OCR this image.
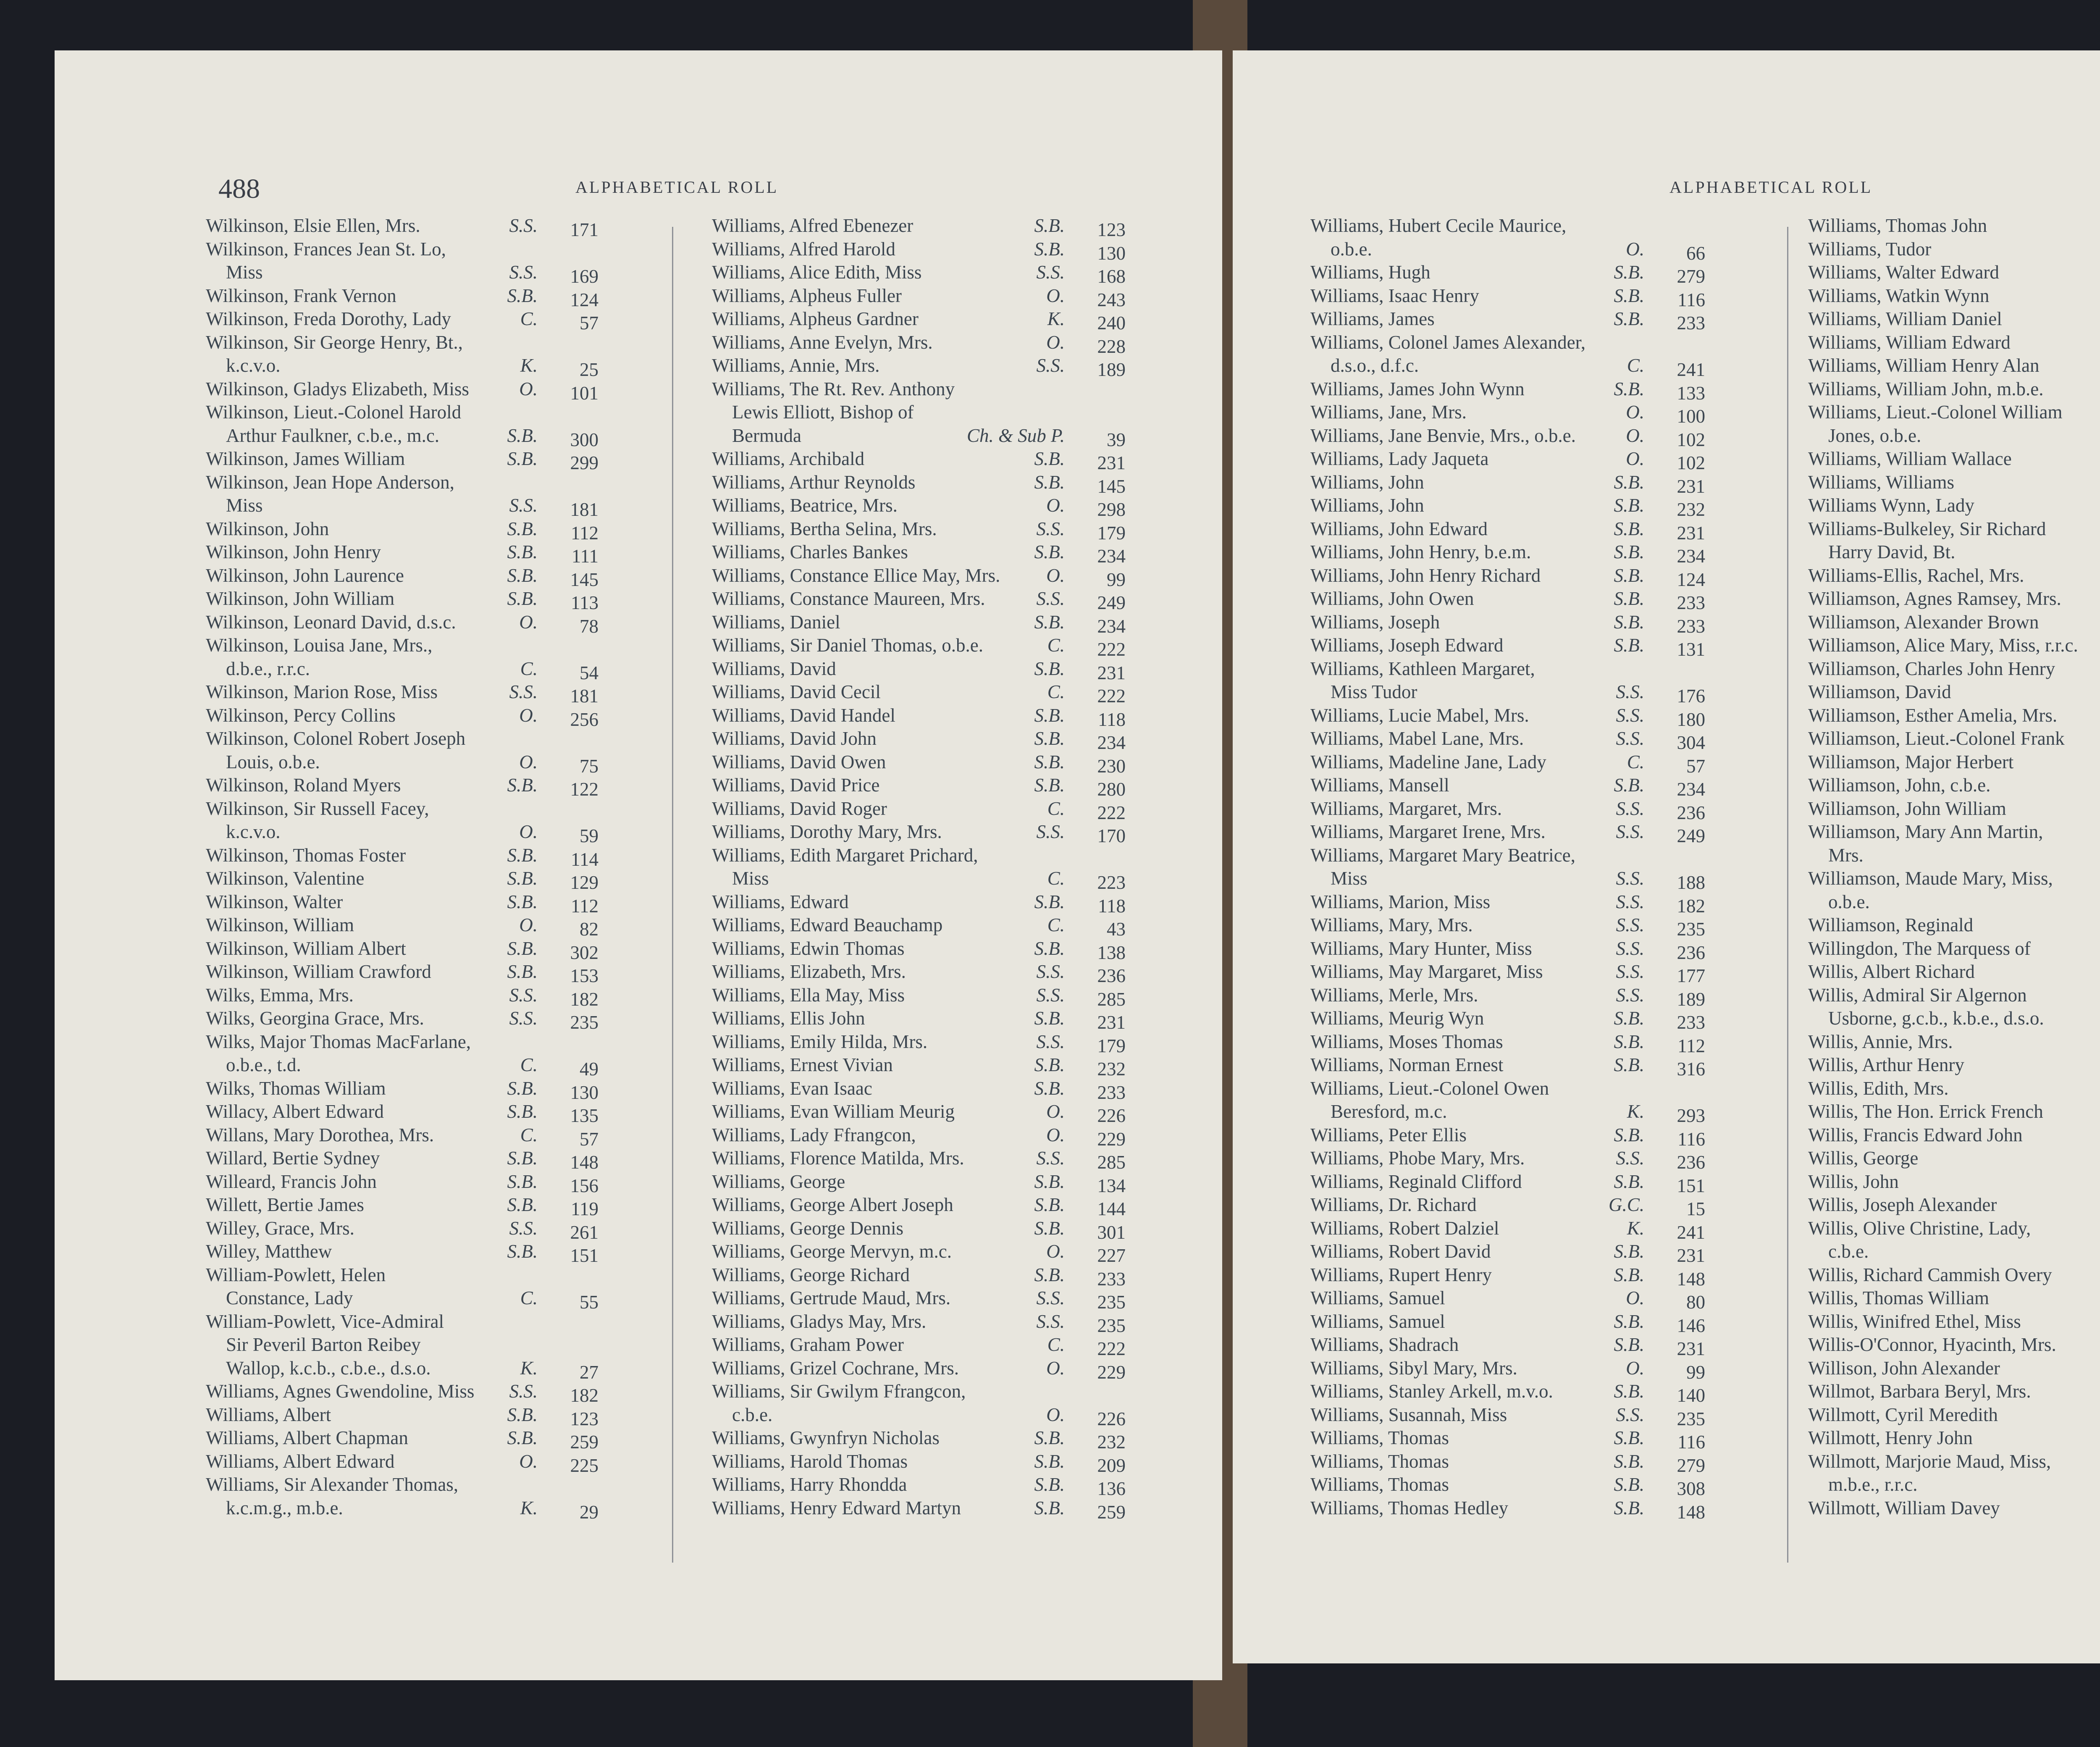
488	ALPHABETICAL ROLL
Wilkinson, Elsie Ellen, Mrs.	S.S. 171
Wilkinson, Frances Jean St. Lo,
Miss	S.S. 169
Wilkinson, Frank Vernon	S.B. 124
Wilkinson, Freda Dorothy, Lady	C. 57
Wilkinson, Sir George Henry, Bt.,
k.c.v.o.	K. 25
Wilkinson, Gladys Elizabeth, Miss	O. 101
Wilkinson, Lieut.-Colonel Harold
Arthur Faulkner, c.b.e., m.c.	S.B. 300
Wilkinson, James William	S.B. 299
Wilkinson, Jean Hope Anderson,
Miss	S.S. 181
Wilkinson, John	S.B. 112
Wilkinson, John Henry	S.B. 111
Wilkinson, John Laurence	S.B. 145
Wilkinson, John William	S.B. 113
Wilkinson, Leonard David, d.s.c.	O. 78
Wilkinson, Louisa Jane, Mrs.,
d.b.e., r.r.c.	C. 54
Wilkinson, Marion Rose, Miss	S.S. 181
Wilkinson, Percy Collins	O. 256
Wilkinson, Colonel Robert Joseph
Louis, o.b.e.	O. 75
Wilkinson, Roland Myers	S.B. 122
Wilkinson, Sir Russell Facey,
k.c.v.o.	O. 59
Wilkinson, Thomas Foster	S.B. 114
Wilkinson, Valentine	S.B. 129
Wilkinson, Walter	S.B. 112
Wilkinson, William	O. 82
Wilkinson, William Albert	S.B. 302
Wilkinson, William Crawford	S.B. 153
Wilks, Emma, Mrs.	S.S. 182
Wilks, Georgina Grace, Mrs.	S.S. 235
Wilks, Major Thomas MacFarlane,
o.b.e., t.d.	C. 49
Wilks, Thomas William	S.B. 130
Willacy, Albert Edward	S.B. 135
Willans, Mary Dorothea, Mrs.	C. 57
Willard, Bertie Sydney	S.B. 148
Willeard, Francis John	S.B. 156
Willett, Bertie James	S.B. 119
Willey, Grace, Mrs.	S.S. 261
Willey, Matthew	S.B. 151
William-Powlett, Helen
Constance, Lady	C. 55
William-Powlett, Vice-Admiral
Sir Peveril Barton Reibey
Wallop, k.c.b., c.b.e., d.s.o.	K. 27
Williams, Agnes Gwendoline, Miss S.S. 182
Williams, Albert	S.B. 123
Williams, Albert Chapman	S.B. 259
Williams, Albert Edward	O. 225
Williams, Sir Alexander Thomas,
k.c.m.g., m.b.e.	K. 29
Williams, Alfred Ebenezer	S.B. 123
Williams, Alfred Harold	S.B. 130
Williams, Alice Edith, Miss	S.S. 168
Williams, Alpheus Fuller	O. 243
Williams, Alpheus Gardner	K. 240
Williams, Anne Evelyn, Mrs.	O. 228
Williams, Annie, Mrs.	S.S. 189
Williams, The Rt. Rev. Anthony
Lewis Elliott, Bishop of
Bermuda	Ch. & Sub P. 39
Williams, Archibald	S.B. 231
Williams, Arthur Reynolds	S.B. 145
Williams, Beatrice, Mrs.	O. 298
Williams, Bertha Selina, Mrs.	S.S. 179
Williams, Charles Bankes	S.B. 234
Williams, Constance Ellice May, Mrs. O. 99
Williams, Constance Maureen, Mrs.	S.S. 249
Williams, Daniel	S.B. 234
Williams, Sir Daniel Thomas, o.b.e.	C. 222
Williams, David	S.B. 231
Williams, David Cecil	C. 222
Williams, David Handel	S.B. 118
Williams, David John	S.B. 234
Williams, David Owen	S.B. 230
Williams, David Price	S.B. 280
Williams, David Roger	C. 222
Williams, Dorothy Mary, Mrs.	S.S. 170
Williams, Edith Margaret Prichard,
Miss	C. 223
Williams, Edward	S.B. 118
Williams, Edward Beauchamp	C. 43
Williams, Edwin Thomas	S.B. 138
Williams, Elizabeth, Mrs.	S.S. 236
Williams, Ella May, Miss	S.S. 285
Williams, Ellis John	S.B. 231
Williams, Emily Hilda, Mrs.	S.S. 179
Williams, Ernest Vivian	S.B. 232
Williams, Evan Isaac	S.B. 233
Williams, Evan William Meurig	O. 226
Williams, Lady Ffrangcon,	O. 229
Williams, Florence Matilda, Mrs.	S.S. 285
Williams, George	S.B. 134
Williams, George Albert Joseph	S.B. 144
Williams, George Dennis	S.B. 301
Williams, George Mervyn, m.c.	O. 227
Williams, George Richard	S.B. 233
Williams, Gertrude Maud, Mrs.	S.S. 235
Williams, Gladys May, Mrs.	S.S. 235
Williams, Graham Power	C. 222
Williams, Grizel Cochrane, Mrs.	O. 229
Williams, Sir Gwilym Ffrangcon,
c.b.e.	O. 226
Williams, Gwynfryn Nicholas	S.B. 232
Williams, Harold Thomas	S.B. 209
Williams, Harry Rhondda	S.B. 136
Williams, Henry Edward Martyn	S.B. 259
ALPHABETICAL ROLL
Williams, Hubert Cecile Maurice,
o.b.e.	O. 66
Williams, Hugh	S.B. 279
Williams, Isaac Henry	S.B. 116
Williams, James	S.B. 233
Williams, Colonel James Alexander,
d.s.o., d.f.c.	C. 241
Williams, James John Wynn	S.B. 133
Williams, Jane, Mrs.	O. 100
Williams, Jane Benvie, Mrs., o.b.e.	O. 102
Williams, Lady Jaqueta	O. 102
Williams, John	S.B. 231
Williams, John	S.B. 232
Williams, John Edward	S.B. 231
Williams, John Henry, b.e.m.	S.B. 234
Williams, John Henry Richard	S.B. 124
Williams, John Owen	S.B. 233
Williams, Joseph	S.B. 233
Williams, Joseph Edward	S.B. 131
Williams, Kathleen Margaret,
Miss Tudor	S.S. 176
Williams, Lucie Mabel, Mrs.	S.S. 180
Williams, Mabel Lane, Mrs.	S.S. 304
Williams, Madeline Jane, Lady	C. 57
Williams, Mansell	S.B. 234
Williams, Margaret, Mrs.	S.S. 236
Williams, Margaret Irene, Mrs.	S.S. 249
Williams, Margaret Mary Beatrice,
Miss	S.S. 188
Williams, Marion, Miss	S.S. 182
Williams, Mary, Mrs.	S.S. 235
Williams, Mary Hunter, Miss	S.S. 236
Williams, May Margaret, Miss	S.S. 177
Williams, Merle, Mrs.	S.S. 189
Williams, Meurig Wyn	S.B. 233
Williams, Moses Thomas	S.B. 112
Williams, Norman Ernest	S.B. 316
Williams, Lieut.-Colonel Owen
Beresford, m.c.	K. 293
Williams, Peter Ellis	S.B. 116
Williams, Phobe Mary, Mrs.	S.S. 236
Williams, Reginald Clifford	S.B. 151
Williams, Dr. Richard	G.C. 15
Williams, Robert Dalziel	K. 241
Williams, Robert David	S.B. 231
Williams, Rupert Henry	S.B. 148
Williams, Samuel	O. 80
Williams, Samuel	S.B. 146
Williams, Shadrach	S.B. 231
Williams, Sibyl Mary, Mrs.	O. 99
Williams, Stanley Arkell, m.v.o.	S.B. 140
Williams, Susannah, Miss	S.S. 235
Williams, Thomas	S.B. 116
Williams, Thomas	S.B. 279
Williams, Thomas	S.B. 308
Williams, Thomas Hedley	S.B. 148
Williams, Thomas John
Williams, Tudor
Williams, Walter Edward
Williams, Watkin Wynn
Williams, William Daniel
Williams, William Edward
Williams, William Henry Alan
Williams, William John, m.b.e.
Williams, Lieut.-Colonel William
Jones, o.b.e.
Williams, William Wallace
Williams, Williams
Williams Wynn, Lady
Williams-Bulkeley, Sir Richard
Harry David, Bt.
Williams-Ellis, Rachel, Mrs.
Williamson, Agnes Ramsey, Mrs.
Williamson, Alexander Brown
Williamson, Alice Mary, Miss, r.r.c.
Williamson, Charles John Henry
Williamson, David
Williamson, Esther Amelia, Mrs.
Williamson, Lieut.-Colonel Frank
Williamson, Major Herbert
Williamson, John, c.b.e.
Williamson, John William
Williamson, Mary Ann Martin,
Mrs.
Williamson, Maude Mary, Miss,
o.b.e.
Williamson, Reginald
Willingdon, The Marquess of
Willis, Albert Richard
Willis, Admiral Sir Algernon
Usborne, g.c.b., k.b.e., d.s.o.
Willis, Annie, Mrs.
Willis, Arthur Henry
Willis, Edith, Mrs.
Willis, The Hon. Errick French
Willis, Francis Edward John
Willis, George
Willis, John
Willis, Joseph Alexander
Willis, Olive Christine, Lady,
c.b.e.
Willis, Richard Cammish Overy
Willis, Thomas William
Willis, Winifred Ethel, Miss
Willis-O'Connor, Hyacinth, Mrs.
Willison, John Alexander
Willmot, Barbara Beryl, Mrs.
Willmott, Cyril Meredith
Willmott, Henry John
Willmott, Marjorie Maud, Miss,
m.b.e., r.r.c.
Willmott, William Davey
